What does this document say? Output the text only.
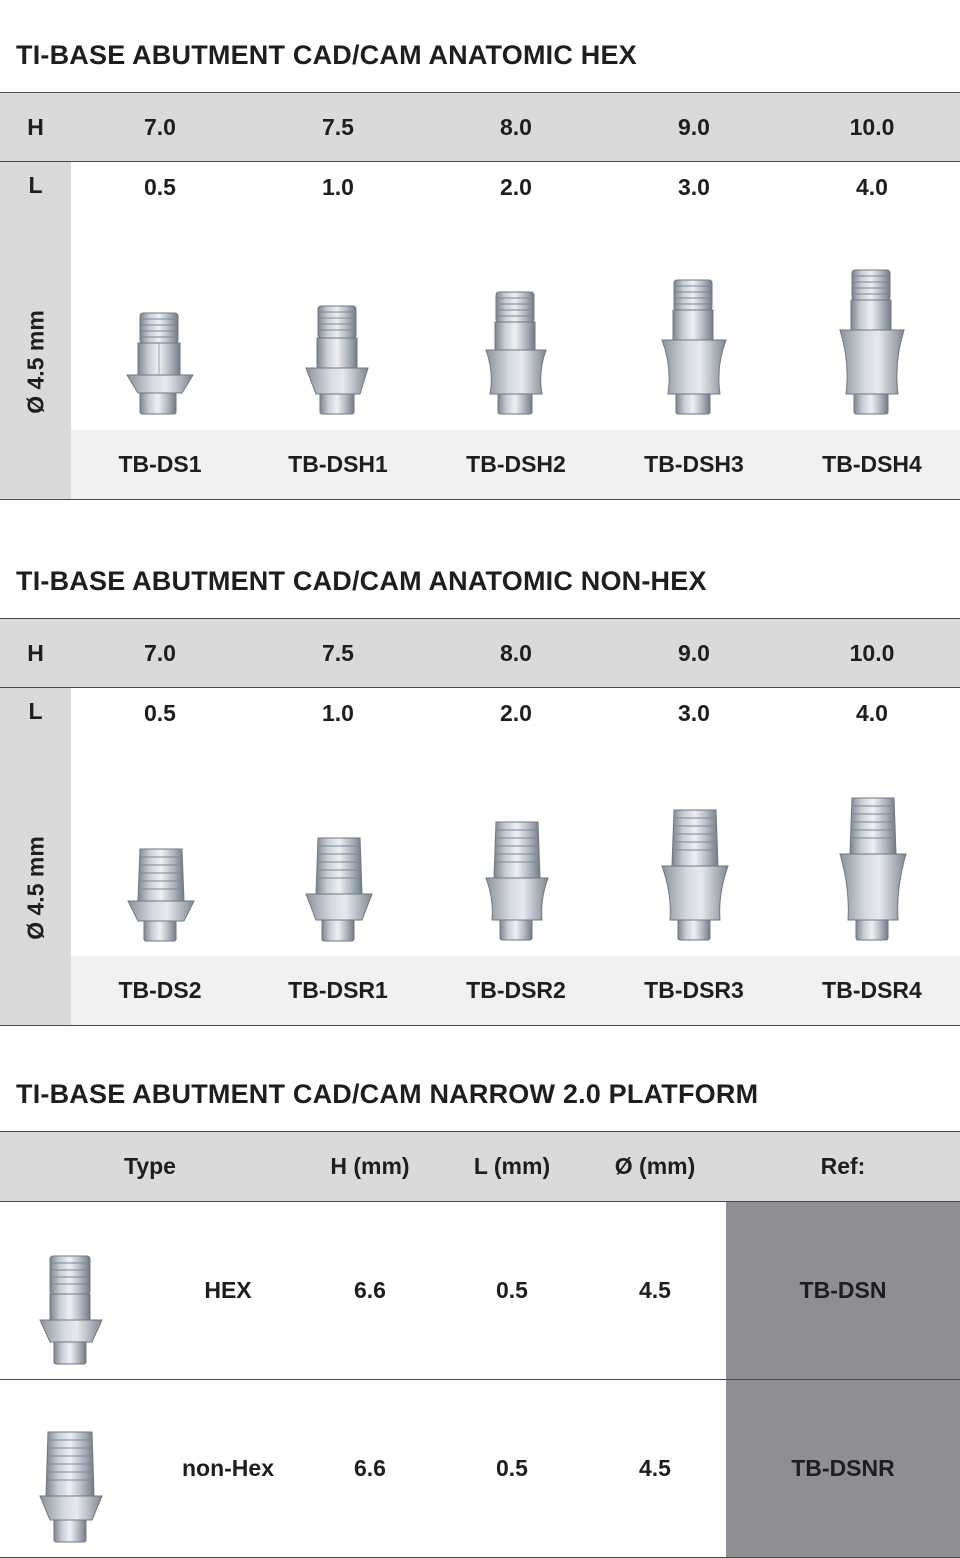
TI-BASE ABUTMENT CAD/CAM ANATOMIC HEX
H	7.0	7.5	8.0	9.0	10.0
L
Ø 4.5 mm
0.5	1.0	2.0	3.0	4.0
TB-DS1	TB-DSH1	TB-DSH2	TB-DSH3	TB-DSH4
TI-BASE ABUTMENT CAD/CAM ANATOMIC NON-HEX
H	7.0	7.5	8.0	9.0	10.0
L
Ø 4.5 mm
0.5	1.0	2.0	3.0	4.0
TB-DS2	TB-DSR1	TB-DSR2	TB-DSR3	TB-DSR4
TI-BASE ABUTMENT CAD/CAM NARROW 2.0 PLATFORM
Type	H (mm)	L (mm)	Ø (mm)	Ref:
HEX	6.6	0.5	4.5	TB-DSN
non-Hex	6.6	0.5	4.5	TB-DSNR
